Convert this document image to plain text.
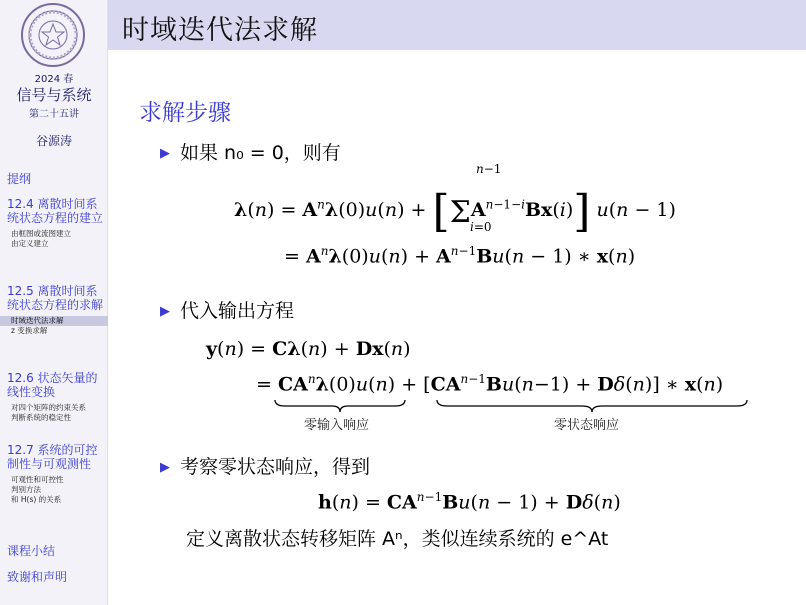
2024 春
信号与系统
第二十五讲
谷源涛
提纲
12.4 离散时间系统状态方程的建立
由框图或流图建立
由定义建立
12.5 离散时间系统状态方程的求解
时域迭代法求解
z 变换求解
12.6 状态矢量的线性变换
对四个矩阵的约束关系
判断系统的稳定性
12.7 系统的可控制性与可观测性
可观性和可控性
判别方法
和 H(s) 的关系
课程小结
致谢和声明
时域迭代法求解
求解步骤
▶ 如果 n₀ = 0，则有
$\lambda(n) = A^n\lambda(0)u(n) + [\Sigma A^{n-1-i}Bx(i)] u(n - 1)$
n−1
i=0
= $A^n\lambda(0)u(n) + A^{n-1}Bu(n - 1)$ ∗ x(n)
▶ 代入输出方程
y(n) = Cλ(n) + Dx(n)
= $CA^n\lambda(0)u(n) + [CA^{n-1}Bu(n-1) + D\delta(n)]$ ∗ x(n)
零输入响应	零状态响应
▶ 考察零状态响应，得到
$h(n) = CA^{n-1}Bu(n - 1) + D\delta(n)$
定义离散状态转移矩阵 Aⁿ，类似连续系统的 e^At
